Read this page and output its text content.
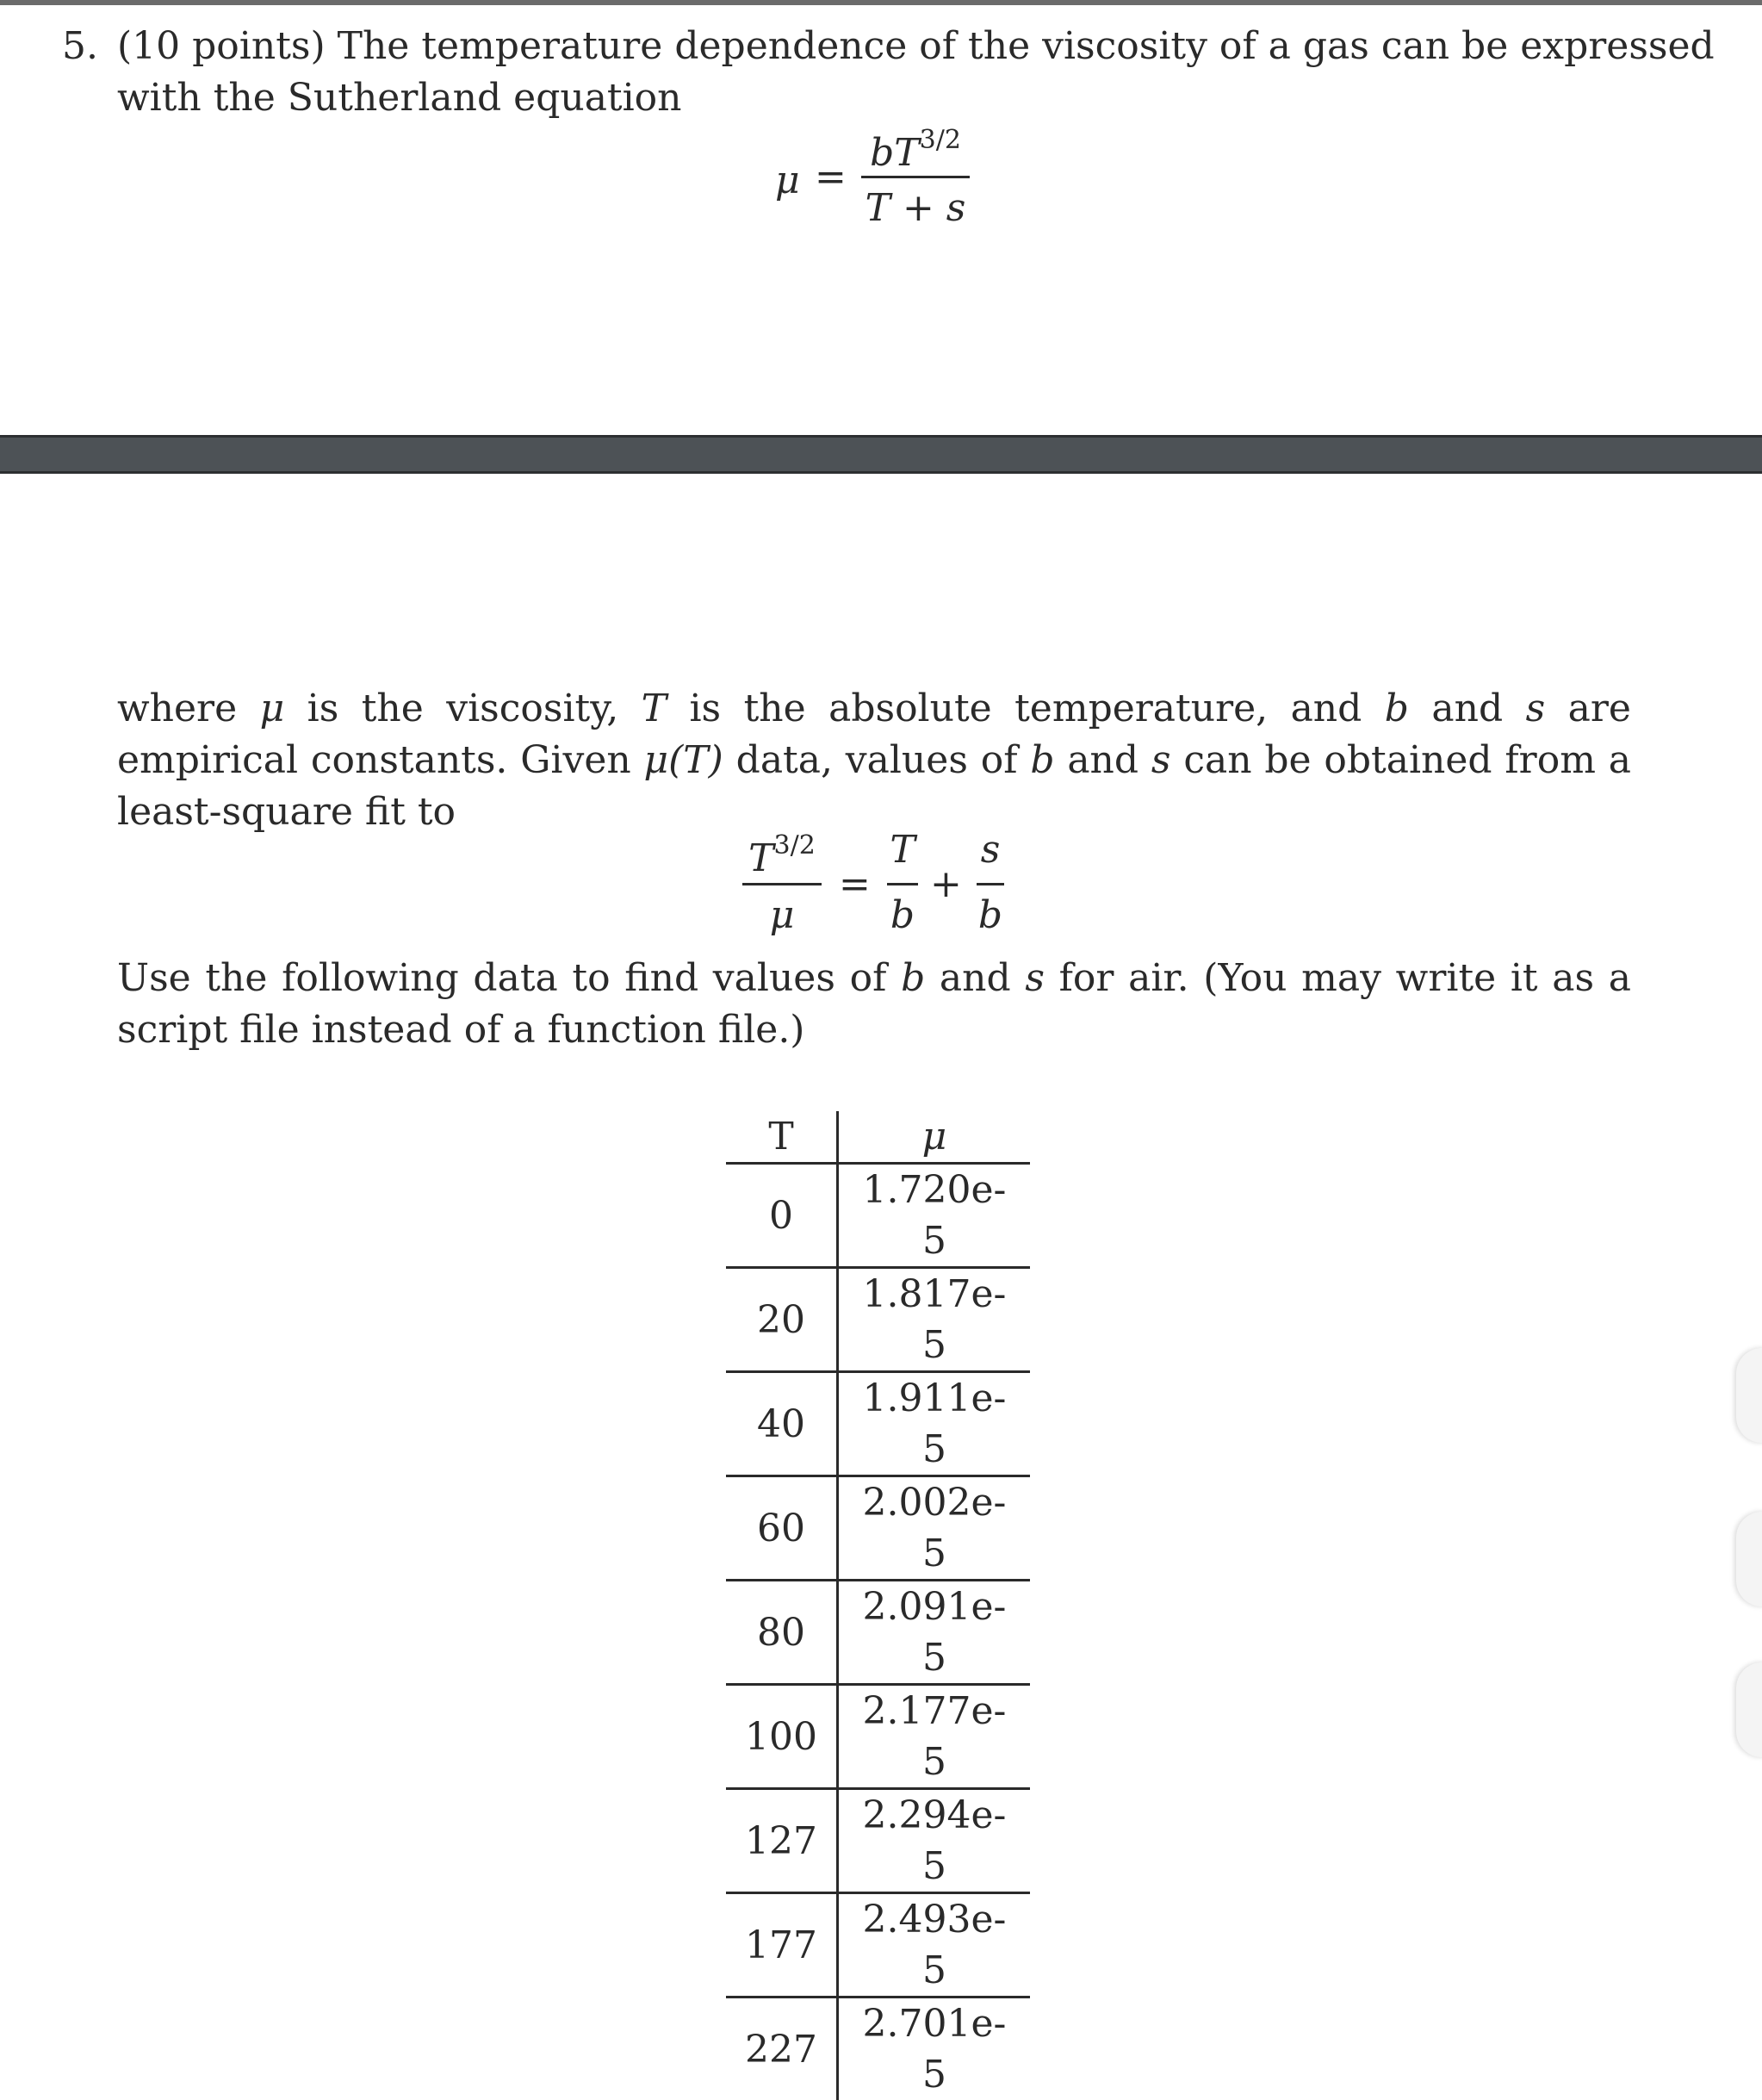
5. (10 points) The temperature dependence of the viscosity of a gas can be expressed
with the Sutherland equation
μ =
$bT^{3/2}$
T + s
where μ is the viscosity, T is the absolute temperature, and b and s are empirical constants. Given μ(T) data, values of b and s can be obtained from a least-square fit to
$T^{3/2}$
μ
=
T
b
+
s
b
Use the following data to find values of b and s for air. (You may write it as a script file instead of a function file.)
T	μ
0	1.720e-5
20	1.817e-5
40	1.911e-5
60	2.002e-5
80	2.091e-5
100	2.177e-5
127	2.294e-5
177	2.493e-5
227	2.701e-5
